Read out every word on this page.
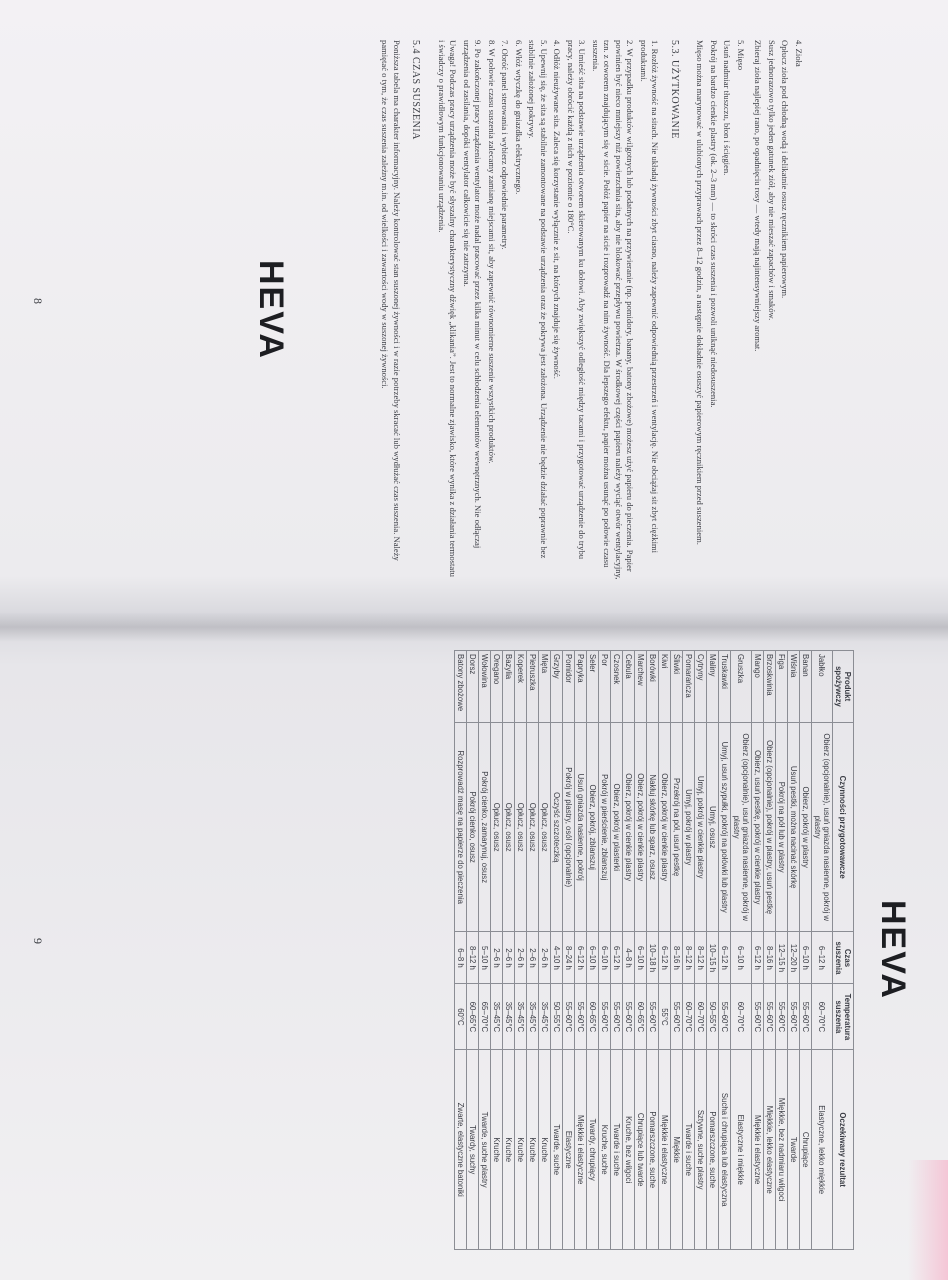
HEVA

4. Zioła

Opłucz zioła pod chłodną wodą i delikatnie osusz ręcznikiem papierowym.

Susz jednorazowo tylko jeden gatunek ziół, aby nie mieszać zapachów i smaków.

Zbieraj zioła najlepiej rano, po opadnięciu rosy — wtedy mają najintensywniejszy aromat.

5. Mięso

Usuń nadmiar tłuszczu, błon i ścięgien.

Pokrój na bardzo cienkie plastry (ok. 2–3 mm) — to skróci czas suszenia i pozwoli uniknąć niedosuszenia.

Mięso można marynować w ulubionych przyprawach przez 8–12 godzin, a następnie dokładnie osuszyć papierowym ręcznikiem przed suszeniem.

5.3. UŻYTKOWANIE

1. Rozłóż żywność na sitach. Nie układaj żywności zbyt ciasno, należy zapewnić odpowiednią przestrzeń i wentylację. Nie obciążaj sit zbyt ciężkimi produktami.

2. W przypadku produktów wilgotnych lub podatnych na przywieranie (np. pomidory, banany, batony zbożowe) możesz użyć papieru do pieczenia. Papier powinien być nieco mniejszy niż powierzchnia sita, aby nie blokować przepływu powietrza. W środkowej części papieru należy wyciąć otwór wentylacyjny, tzn. z otworem znajdującym się w sicie. Połóż papier na sicie i rozprowadź na nim żywność. Dla lepszego efektu, papier można usunąć po połowie czasu suszenia.

3. Umieść sita na podstawie urządzenia otworem skierowanym ku dołowi. Aby zwiększyć odległość między tacami i przygotować urządzenie do trybu pracy, należy obrócić każdą z nich w poziomie o 180°C.

4. Odłóż nieużywane sita. Zaleca się korzystanie wyłącznie z sit, na których znajduje się żywność.

5. Upewnij się, że sita są stabilnie zamontowane na podstawie urządzenia oraz że pokrywa jest założona. Urządzenie nie będzie działać poprawnie bez stabilnie założonej pokrywy.

6. Włóż wtyczkę do gniazdka elektrycznego.

7. Obróć panel sterowania i wybierz odpowiednie parametry.

8. W połowie czasu suszenia zalecamy zamianę miejscami sit, aby zapewnić równomierne suszenie wszystkich produktów.

9. Po zakończonej pracy urządzenia wentylator może nadal pracować przez kilka minut w celu schłodzenia elementów wewnętrznych. Nie odłączaj urządzenia od zasilania, dopóki wentylator całkowicie się nie zatrzyma.

Uwaga! Podczas pracy urządzenia może być słyszalny charakterystyczny dźwięk „klikania”. Jest to normalne zjawisko, które wynika z działania termostatu i świadczy o prawidłowym funkcjonowaniu urządzenia.

5.4 CZAS SUSZENIA

Poniższa tabela ma charakter informacyjny. Należy kontrolować stan suszonej żywności i w razie potrzeby skracać lub wydłużać czas suszenia. Należy pamiętać o tym, że czas suszenia zależny m.in. od wielkości i zawartości wody w suszonej żywności.

8
HEVA
Produkt spożywczy	Czynności przygotowawcze	Czas suszenia	Temperatura suszenia	Oczekiwany rezultat
Jabłko	Obierz (opcjonalnie), usuń gniazda nasienne, pokrój w plastry	6–12 h	60–70°C	Elastyczne, lekko miękkie
Banan	Obierz, pokrój w plastry	6–10 h	55–60°C	Chrupiące
Wiśnia	Usuń pestki, można nacinać skórkę	12–20 h	55–60°C	Twarde
Figa	Pokrój na pół lub w plastry	12–15 h	55–60°C	Miękkie, bez nadmiaru wilgoci
Brzoskwinia	Obierz (opcjonalnie), pokrój w plastry, usuń pestkę	8–16 h	55–60°C	Miękkie, lekko elastyczne
Mango	Obierz, usuń pestkę, pokrój w cienkie plastry	6–12 h	55–60°C	Miękkie i elastyczne
Gruszka	Obierz (opcjonalnie), usuń gniazda nasienne, pokrój w plastry	6–10 h	60–70°C	Elastyczne i miękkie
Truskawki	Umyj, usuń szypułki, pokrój na połówki lub plastry	6–12 h	55–60°C	Sucha i chrupiąca lub elastyczna
Maliny	Umyj, osusz	10–15 h	50–55°C	Pomarszczone, suche
Cytryny	Umyj, pokrój w cienkie plastry	8–12 h	60–70°C	Sztywne, suche plastry
Pomarańcza	Umyj, pokrój w plastry	8–12 h	60–70°C	Twarde i suche
Śliwki	Przekrój na pół, usuń pestkę	8–16 h	55–60°C	Miękkie
Kiwi	Obierz, pokrój w cienkie plastry	6–12 h	55°C	Miękkie i elastyczne
Borówki	Nakłuj skórkę lub sparz, osusz	10–18 h	55–60°C	Pomarszczone, suche
Marchew	Obierz, pokrój w cienkie plastry	6–10 h	60–65°C	Chrupiące lub twarde
Cebula	Obierz, pokrój w cienkie plastry	4–8 h	55–60°C	Kruche, bez wilgoci
Czosnek	Obierz, pokrój w plasterki	6–12 h	55–60°C	Twarde i suche
Por	Pokrój w pierścienie, zblanszuj	6–10 h	55–60°C	Kruche, suche
Seler	Obierz, pokrój, zblanszuj	6–10 h	60–65°C	Twardy, chrupiący
Papryka	Usuń gniazda nasienne, pokrój	6–12 h	55–60°C	Miękkie i elastyczne
Pomidor	Pokrój w plastry, osól (opcjonalnie)	8–24 h	55–60°C	Elastyczne
Grzyby	Oczyść szczoteczką	4–10 h	50–55°C	Twarde, suche
Mięta	Opłucz, osusz	2–6 h	35–45°C	Kruche
Pietruszka	Opłucz, osusz	2–6 h	35–45°C	Kruche
Koperek	Opłucz, osusz	2–6 h	35–45°C	Kruche
Bazylia	Opłucz, osusz	2–6 h	35–45°C	Kruche
Oregano	Opłucz, osusz	2–6 h	35–45°C	Kruche
Wołowina	Pokrój cienko, zamarynuj, osusz	5–10 h	65–70°C	Twarde, suche plastry
Dorsz	Pokrój cienko, osusz	8–12 h	60–65°C	Twardy, suchy
Batony zbożowe	Rozprowadź masę na papierze do pieczenia	6–8 h	60°C	Zwarte, elastyczne batoniki
9
